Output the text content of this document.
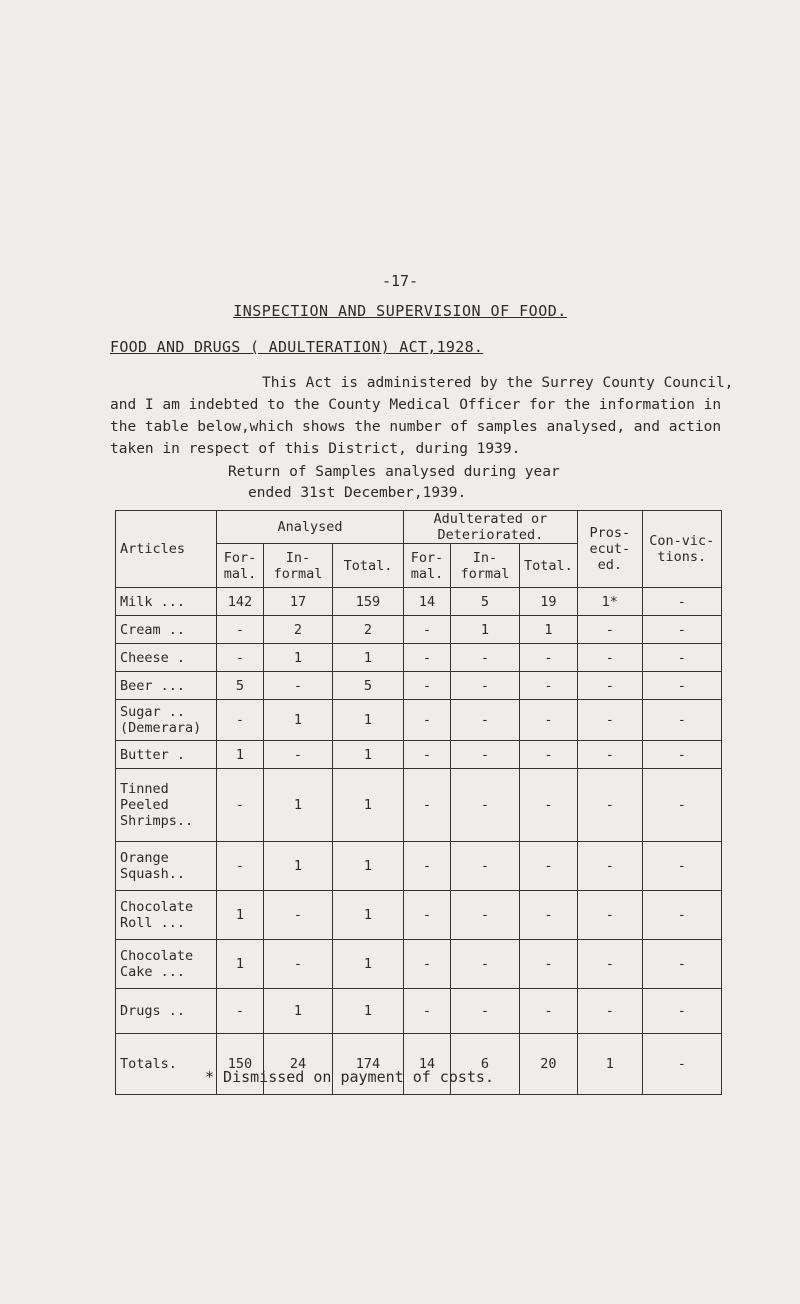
-17-
INSPECTION AND SUPERVISION OF FOOD.
FOOD AND DRUGS ( ADULTERATION) ACT,1928.
This Act is administered by the Surrey County Council, and I am indebted to the County Medical Officer for the information in the table below,which shows the number of samples analysed, and action taken in respect of this District, during 1939.
Return of Samples analysed during year
ended 31st December,1939.
Articles	Analysed			Adulterated or Deteriorated.			Pros-ecut-ed.	Con-vic-tions.
	For-mal.	In-formal	Total.	For-mal.	In-formal	Total.		
Milk ...	142	17	159	14	5	19	1*	-
Cream ..	-	2	2	-	1	1	-	-
Cheese .	-	1	1	-	-	-	-	-
Beer ...	5	-	5	-	-	-	-	-
Sugar .. (Demerara)	-	1	1	-	-	-	-	-
Butter .	1	-	1	-	-	-	-	-
Tinned Peeled Shrimps..	-	1	1	-	-	-	-	-
Orange Squash..	-	1	1	-	-	-	-	-
Chocolate Roll ...	1	-	1	-	-	-	-	-
Chocolate Cake ...	1	-	1	-	-	-	-	-
Drugs ..	-	1	1	-	-	-	-	-
Totals.	150	24	174	14	6	20	1	-
* Dismissed on payment of costs.
